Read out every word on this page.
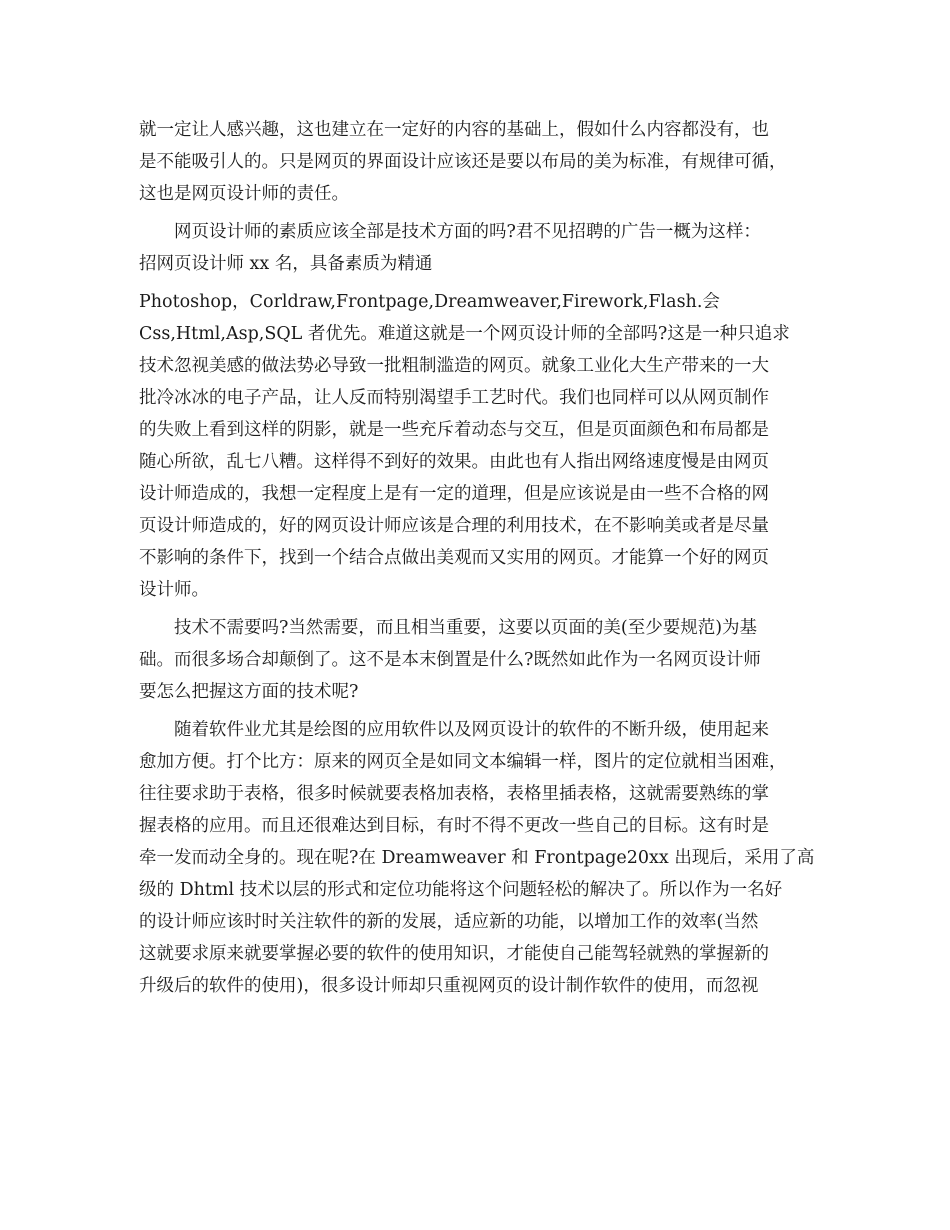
就一定让人感兴趣，这也建立在一定好的内容的基础上，假如什么内容都没有，也
是不能吸引人的。只是网页的界面设计应该还是要以布局的美为标准，有规律可循，
这也是网页设计师的责任。
　　网页设计师的素质应该全部是技术方面的吗?君不见招聘的广告一概为这样：
招网页设计师 xx 名，具备素质为精通
Photoshop，Corldraw,Frontpage,Dreamweaver,Firework,Flash.会
Css,Html,Asp,SQL 者优先。难道这就是一个网页设计师的全部吗?这是一种只追求
技术忽视美感的做法势必导致一批粗制滥造的网页。就象工业化大生产带来的一大
批冷冰冰的电子产品，让人反而特别渴望手工艺时代。我们也同样可以从网页制作
的失败上看到这样的阴影，就是一些充斥着动态与交互，但是页面颜色和布局都是
随心所欲，乱七八糟。这样得不到好的效果。由此也有人指出网络速度慢是由网页
设计师造成的，我想一定程度上是有一定的道理，但是应该说是由一些不合格的网
页设计师造成的，好的网页设计师应该是合理的利用技术，在不影响美或者是尽量
不影响的条件下，找到一个结合点做出美观而又实用的网页。才能算一个好的网页
设计师。
　　技术不需要吗?当然需要，而且相当重要，这要以页面的美(至少要规范)为基
础。而很多场合却颠倒了。这不是本末倒置是什么?既然如此作为一名网页设计师
要怎么把握这方面的技术呢?
　　随着软件业尤其是绘图的应用软件以及网页设计的软件的不断升级，使用起来
愈加方便。打个比方：原来的网页全是如同文本编辑一样，图片的定位就相当困难，
往往要求助于表格，很多时候就要表格加表格，表格里插表格，这就需要熟练的掌
握表格的应用。而且还很难达到目标，有时不得不更改一些自己的目标。这有时是
牵一发而动全身的。现在呢?在 Dreamweaver 和 Frontpage20xx 出现后，采用了高
级的 Dhtml 技术以层的形式和定位功能将这个问题轻松的解决了。所以作为一名好
的设计师应该时时关注软件的新的发展，适应新的功能，以增加工作的效率(当然
这就要求原来就要掌握必要的软件的使用知识，才能使自己能驾轻就熟的掌握新的
升级后的软件的使用)，很多设计师却只重视网页的设计制作软件的使用，而忽视
